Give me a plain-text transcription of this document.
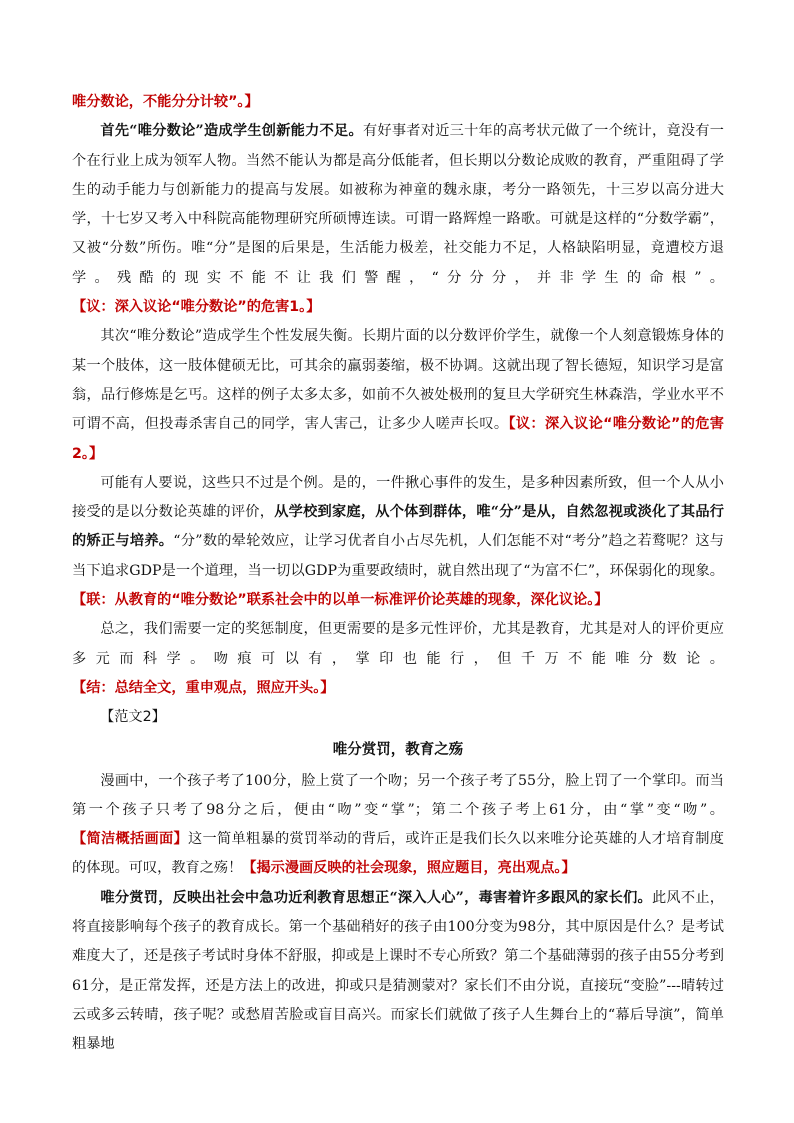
唯分数论，不能分分计较”。】

首先“唯分数论”造成学生创新能力不足。有好事者对近三十年的高考状元做了一个统计，竟没有一个在行业上成为领军人物。当然不能认为都是高分低能者，但长期以分数论成败的教育，严重阻碍了学生的动手能力与创新能力的提高与发展。如被称为神童的魏永康，考分一路领先，十三岁以高分进大学，十七岁又考入中科院高能物理研究所硕博连读。可谓一路辉煌一路歌。可就是这样的“分数学霸”，又被“分数”所伤。唯“分”是图的后果是，生活能力极差，社交能力不足，人格缺陷明显，竟遭校方退学。残酷的现实不能不让我们警醒，“分分分，并非学生的命根”。【议：深入议论“唯分数论”的危害1。】

其次“唯分数论”造成学生个性发展失衡。长期片面的以分数评价学生，就像一个人刻意锻炼身体的某一个肢体，这一肢体健硕无比，可其余的羸弱萎缩，极不协调。这就出现了智长德短，知识学习是富翁，品行修炼是乞丐。这样的例子太多太多，如前不久被处极刑的复旦大学研究生林森浩，学业水平不可谓不高，但投毒杀害自己的同学，害人害己，让多少人嗟声长叹。【议：深入议论“唯分数论”的危害2。】

可能有人要说，这些只不过是个例。是的，一件揪心事件的发生，是多种因素所致，但一个人从小接受的是以分数论英雄的评价，从学校到家庭，从个体到群体，唯“分”是从，自然忽视或淡化了其品行的矫正与培养。“分”数的晕轮效应，让学习优者自小占尽先机，人们怎能不对“考分”趋之若鹜呢？这与当下追求GDP是一个道理，当一切以GDP为重要政绩时，就自然出现了“为富不仁”，环保弱化的现象。【联：从教育的“唯分数论”联系社会中的以单一标准评价论英雄的现象，深化议论。】

总之，我们需要一定的奖惩制度，但更需要的是多元性评价，尤其是教育，尤其是对人的评价更应多元而科学。吻痕可以有，掌印也能行，但千万不能唯分数论。【结：总结全文，重申观点，照应开头。】

【范文2】
唯分赏罚，教育之殇

漫画中，一个孩子考了100分，脸上赏了一个吻；另一个孩子考了55分，脸上罚了一个掌印。而当第一个孩子只考了98分之后，便由“吻”变“掌”；第二个孩子考上61分，由“掌”变“吻”。【简洁概括画面】这一简单粗暴的赏罚举动的背后，或许正是我们长久以来唯分论英雄的人才培育制度的体现。可叹，教育之殇！【揭示漫画反映的社会现象，照应题目，亮出观点。】

唯分赏罚，反映出社会中急功近利教育思想正“深入人心”，毒害着许多跟风的家长们。此风不止，将直接影响每个孩子的教育成长。第一个基础稍好的孩子由100分变为98分，其中原因是什么？是考试难度大了，还是孩子考试时身体不舒服，抑或是上课时不专心所致？第二个基础薄弱的孩子由55分考到61分，是正常发挥，还是方法上的改进，抑或只是猜测蒙对？家长们不由分说，直接玩“变脸”---晴转过云或多云转晴，孩子呢？或愁眉苦脸或盲目高兴。而家长们就做了孩子人生舞台上的“幕后导演”，简单粗暴地
